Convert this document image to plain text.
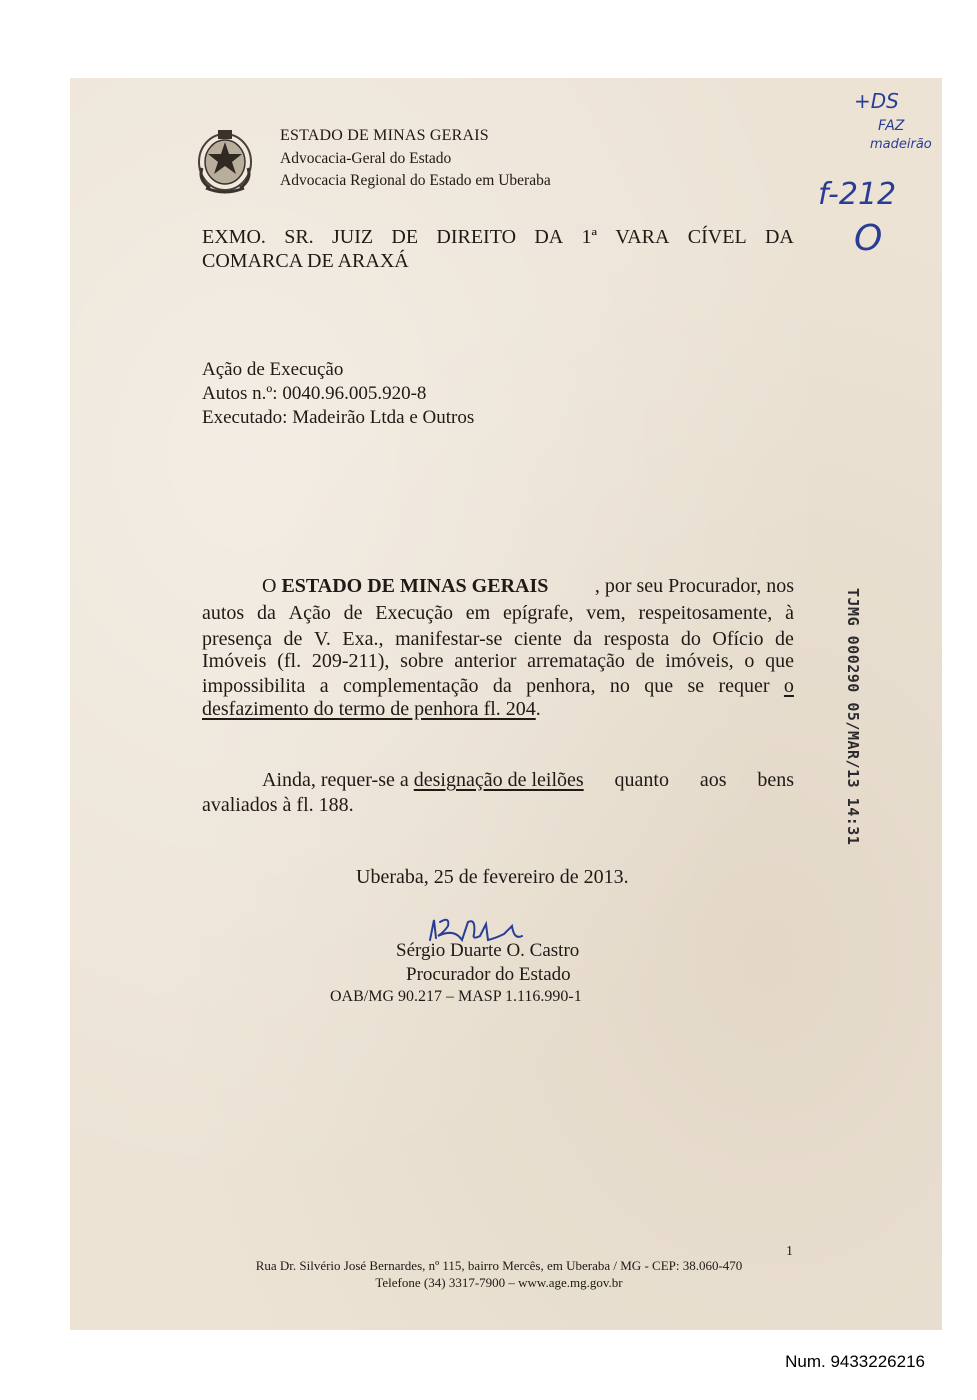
ESTADO DE MINAS GERAIS
Advocacia-Geral do Estado
Advocacia Regional do Estado em Uberaba
EXMO. SR. JUIZ DE DIREITO DA 1ª VARA CÍVEL DA
COMARCA DE ARAXÁ
Ação de Execução
Autos n.º: 0040.96.005.920-8
Executado: Madeirão Ltda e Outros
O ESTADO DE MINAS GERAIS , por seu Procurador, nos
autos da Ação de Execução em epígrafe, vem, respeitosamente, à
presença de V. Exa., manifestar-se ciente da resposta do Ofício de
Imóveis (fl. 209-211), sobre anterior arrematação de imóveis, o que
impossibilita a complementação da penhora, no que se requer o
desfazimento do termo de penhora fl. 204.
Ainda, requer-se a designação de leilões quanto aos bens
avaliados à fl. 188.
Uberaba, 25 de fevereiro de 2013.
Sérgio Duarte O. Castro
Procurador do Estado
OAB/MG 90.217 – MASP 1.116.990-1
1
Rua Dr. Silvério José Bernardes, nº 115, bairro Mercês, em Uberaba / MG - CEP: 38.060-470
Telefone (34) 3317-7900 – www.age.mg.gov.br
TJMG 000290 05/MAR/13 14:31
+DS
FAZ
madeirão
f-212
O
Num. 9433226216
